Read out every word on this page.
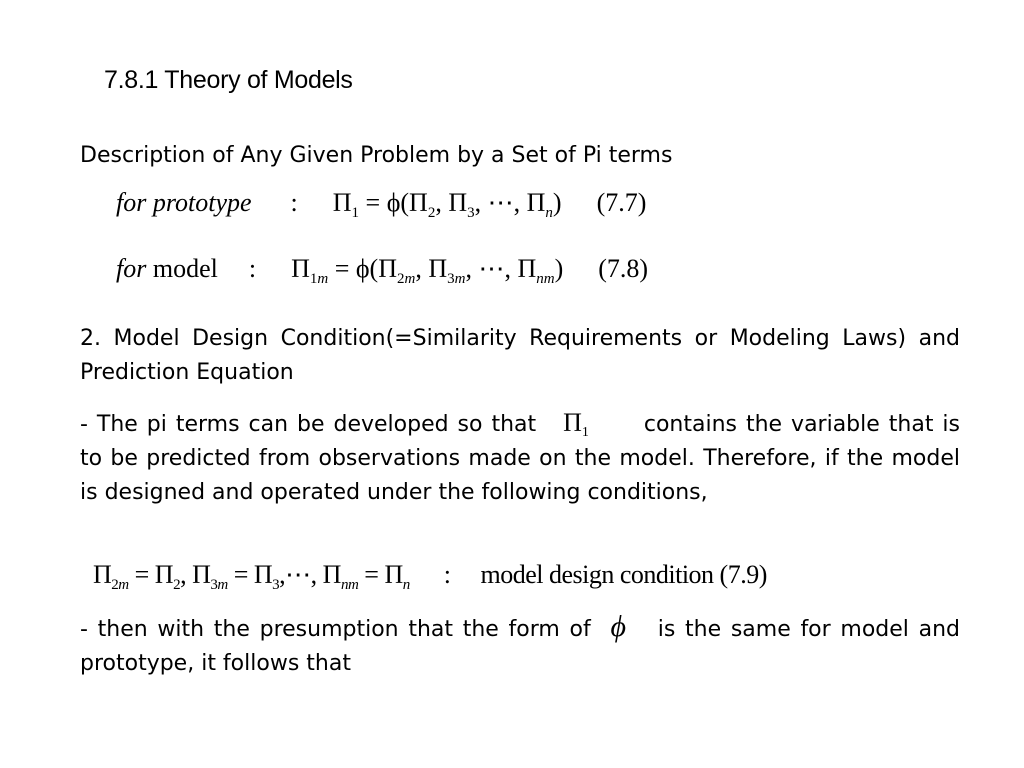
7.8.1 Theory of Models
Description of Any Given Problem by a Set of Pi terms
for prototype : $\Pi_1 = \phi(\Pi_2$, $\Pi_3$, ⋯, $\Pi_n$) (7.7)
for model : $\Pi_{1m} = \phi(\Pi_{2m}$, $\Pi_{3m}$, ⋯, $\Pi_{nm}$) (7.8)
2. Model Design Condition(=Similarity Requirements or Modeling Laws) and Prediction Equation
- The pi terms can be developed so that $\Pi_1$ contains the variable that is to be predicted from observations made on the model. Therefore, if the model is designed and operated under the following conditions,
$\Pi_{2m} = \Pi_2$, $\Pi_{3m}$ = $\Pi_3,\cdots$, $\Pi_{nm} = \Pi_n$ : model design condition (7.9)
- then with the presumption that the form of ϕ is the same for model and prototype, it follows that
